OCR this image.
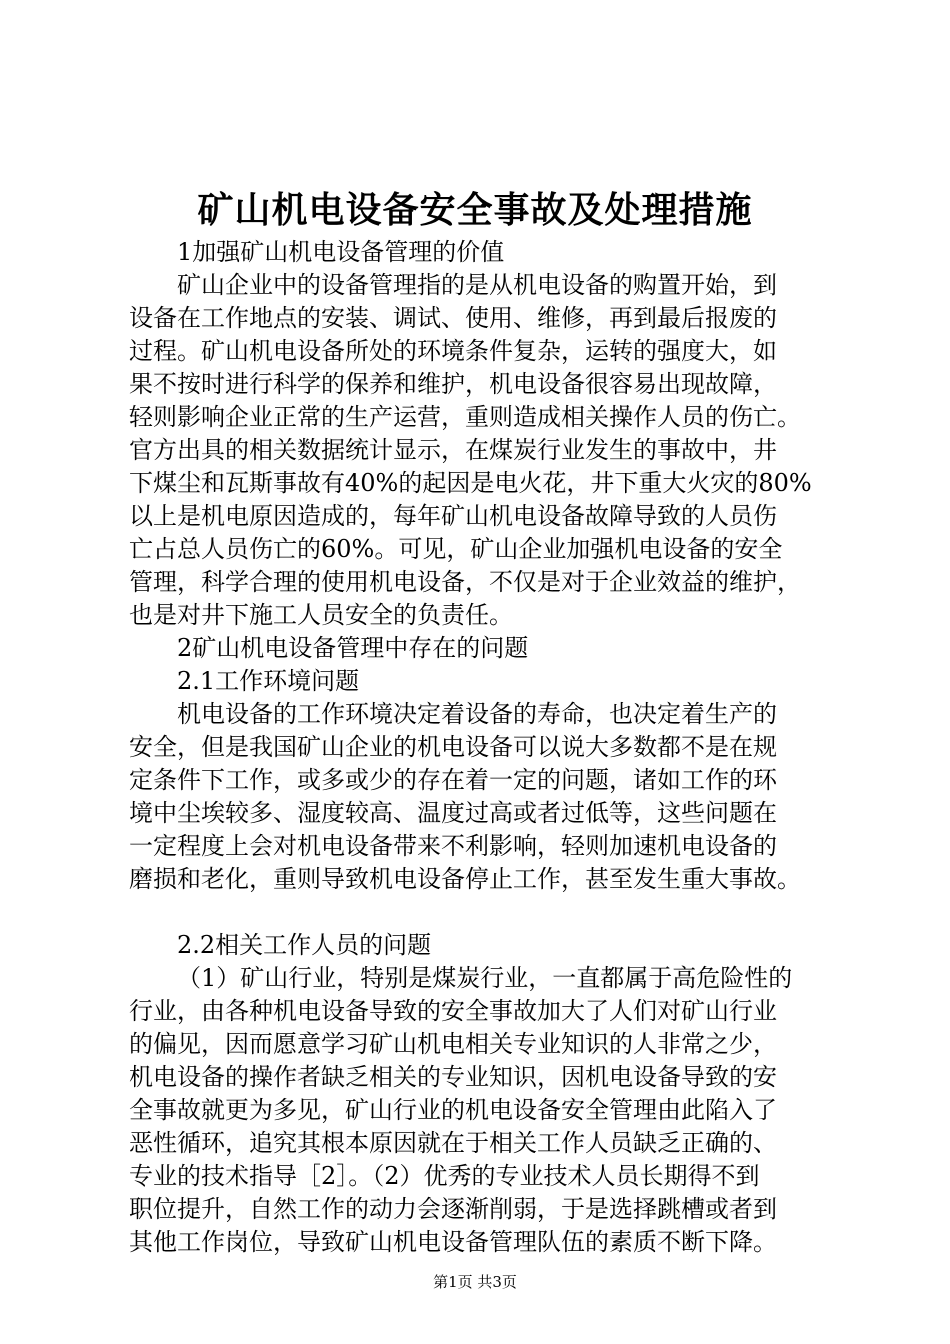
矿山机电设备安全事故及处理措施
1加强矿山机电设备管理的价值
矿山企业中的设备管理指的是从机电设备的购置开始，到
设备在工作地点的安装、调试、使用、维修，再到最后报废的
过程。矿山机电设备所处的环境条件复杂，运转的强度大，如
果不按时进行科学的保养和维护，机电设备很容易出现故障，
轻则影响企业正常的生产运营，重则造成相关操作人员的伤亡。
官方出具的相关数据统计显示，在煤炭行业发生的事故中，井
下煤尘和瓦斯事故有40%的起因是电火花，井下重大火灾的80%
以上是机电原因造成的，每年矿山机电设备故障导致的人员伤
亡占总人员伤亡的60%。可见，矿山企业加强机电设备的安全
管理，科学合理的使用机电设备，不仅是对于企业效益的维护，
也是对井下施工人员安全的负责任。
2矿山机电设备管理中存在的问题
2.1工作环境问题
机电设备的工作环境决定着设备的寿命，也决定着生产的
安全，但是我国矿山企业的机电设备可以说大多数都不是在规
定条件下工作，或多或少的存在着一定的问题，诸如工作的环
境中尘埃较多、湿度较高、温度过高或者过低等，这些问题在
一定程度上会对机电设备带来不利影响，轻则加速机电设备的
磨损和老化，重则导致机电设备停止工作，甚至发生重大事故。
2.2相关工作人员的问题
（1）矿山行业，特别是煤炭行业，一直都属于高危险性的
行业，由各种机电设备导致的安全事故加大了人们对矿山行业
的偏见，因而愿意学习矿山机电相关专业知识的人非常之少，
机电设备的操作者缺乏相关的专业知识，因机电设备导致的安
全事故就更为多见，矿山行业的机电设备安全管理由此陷入了
恶性循环，追究其根本原因就在于相关工作人员缺乏正确的、
专业的技术指导［2］。（2）优秀的专业技术人员长期得不到
职位提升，自然工作的动力会逐渐削弱，于是选择跳槽或者到
其他工作岗位，导致矿山机电设备管理队伍的素质不断下降。
第1页 共3页
